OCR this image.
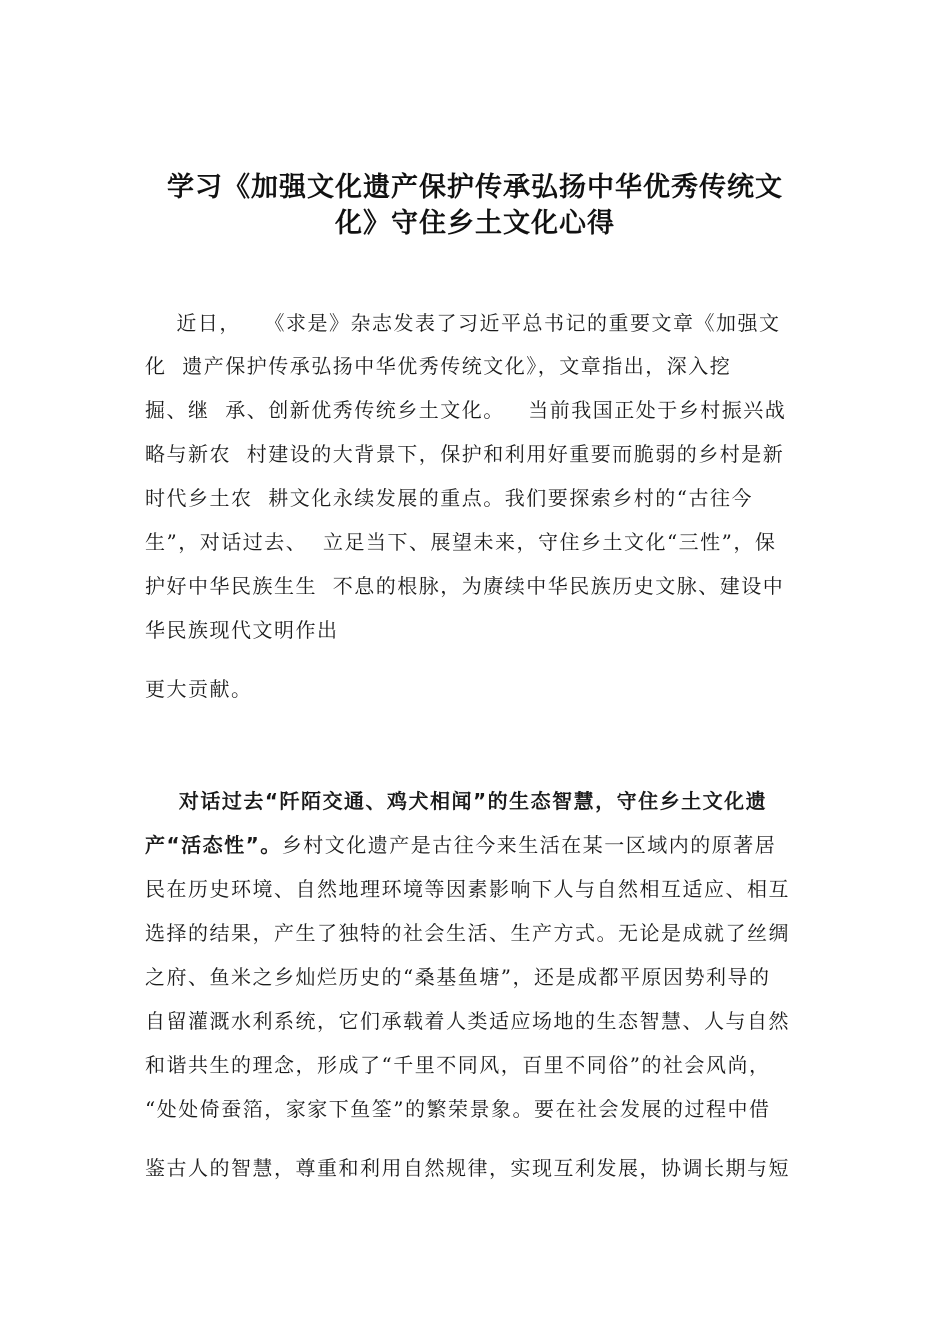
学习《加强文化遗产保护传承弘扬中华优秀传统文
化》守住乡土文化心得
近日，   《求是》杂志发表了习近平总书记的重要文章《加强文
化  遗产保护传承弘扬中华优秀传统文化》，文章指出，深入挖
掘、继  承、创新优秀传统乡土文化。   当前我国正处于乡村振兴战
略与新农  村建设的大背景下，保护和利用好重要而脆弱的乡村是新
时代乡土农  耕文化永续发展的重点。我们要探索乡村的“古往今
生”，对话过去、  立足当下、展望未来，守住乡土文化“三性”，保
护好中华民族生生  不息的根脉，为赓续中华民族历史文脉、建设中
华民族现代文明作出
更大贡献。
对话过去“阡陌交通、鸡犬相闻”的生态智慧，守住乡土文化遗
产“活态性”。乡村文化遗产是古往今来生活在某一区域内的原著居
民在历史环境、自然地理环境等因素影响下人与自然相互适应、相互
选择的结果，产生了独特的社会生活、生产方式。无论是成就了丝绸
之府、鱼米之乡灿烂历史的“桑基鱼塘”，还是成都平原因势利导的
自留灌溉水利系统，它们承载着人类适应场地的生态智慧、人与自然
和谐共生的理念，形成了“千里不同风，百里不同俗”的社会风尚，
“处处倚蚕箔，家家下鱼筌”的繁荣景象。要在社会发展的过程中借
鉴古人的智慧，尊重和利用自然规律，实现互利发展，协调长期与短
